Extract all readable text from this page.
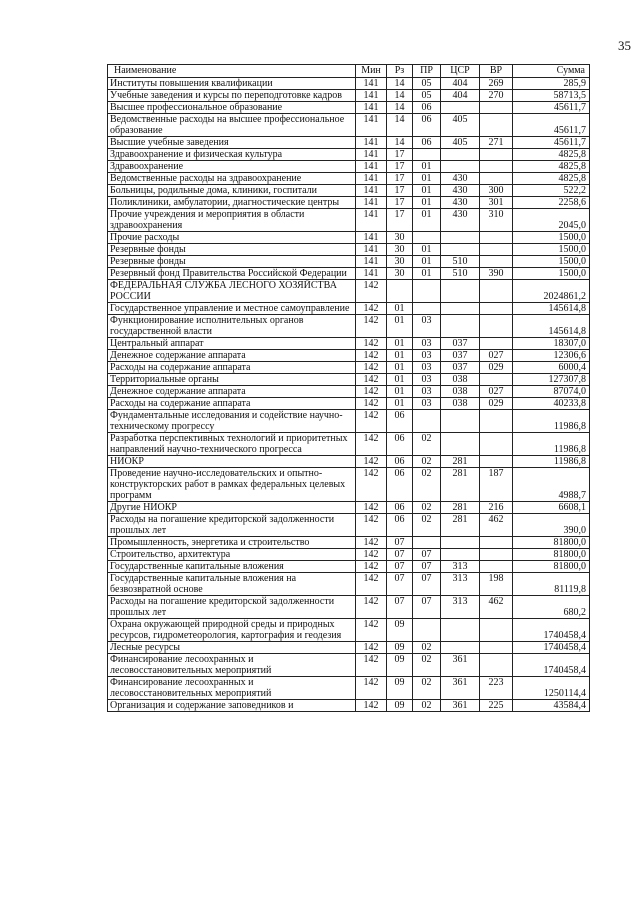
35
Наименование	Мин	Рз	ПР	ЦСР	ВР	Сумма
Институты повышения квалификации	141	14	05	404	269	285,9
Учебные заведения и курсы по переподготовке кадров	141	14	05	404	270	58713,5
Высшее профессиональное образование	141	14	06			45611,7
Ведомственные расходы на высшее профессиональное образование	141	14	06	405		45611,7
Высшие учебные заведения	141	14	06	405	271	45611,7
Здравоохранение и физическая культура	141	17				4825,8
Здравоохранение	141	17	01			4825,8
Ведомственные расходы на здравоохранение	141	17	01	430		4825,8
Больницы, родильные дома, клиники, госпитали	141	17	01	430	300	522,2
Поликлиники, амбулатории, диагностические центры	141	17	01	430	301	2258,6
Прочие учреждения и мероприятия в области здравоохранения	141	17	01	430	310	2045,0
Прочие расходы	141	30				1500,0
Резервные фонды	141	30	01			1500,0
Резервные фонды	141	30	01	510		1500,0
Резервный фонд Правительства Российской Федерации	141	30	01	510	390	1500,0
ФЕДЕРАЛЬНАЯ СЛУЖБА ЛЕСНОГО ХОЗЯЙСТВА РОССИИ	142					2024861,2
Государственное управление и местное самоуправление	142	01				145614,8
Функционирование исполнительных органов государственной власти	142	01	03			145614,8
Центральный аппарат	142	01	03	037		18307,0
Денежное содержание аппарата	142	01	03	037	027	12306,6
Расходы на содержание аппарата	142	01	03	037	029	6000,4
Территориальные органы	142	01	03	038		127307,8
Денежное содержание аппарата	142	01	03	038	027	87074,0
Расходы на содержание аппарата	142	01	03	038	029	40233,8
Фундаментальные исследования и содействие научно-техническому прогрессу	142	06				11986,8
Разработка перспективных технологий и приоритетных направлений научно-технического прогресса	142	06	02			11986,8
НИОКР	142	06	02	281		11986,8
Проведение научно-исследовательских и опытно-конструкторских работ в рамках федеральных целевых программ	142	06	02	281	187	4988,7
Другие НИОКР	142	06	02	281	216	6608,1
Расходы на погашение кредиторской задолженности прошлых лет	142	06	02	281	462	390,0
Промышленность, энергетика и строительство	142	07				81800,0
Строительство, архитектура	142	07	07			81800,0
Государственные капитальные вложения	142	07	07	313		81800,0
Государственные капитальные вложения на безвозвратной основе	142	07	07	313	198	81119,8
Расходы на погашение кредиторской задолженности прошлых лет	142	07	07	313	462	680,2
Охрана окружающей природной среды и природных ресурсов, гидрометеорология, картография и геодезия	142	09				1740458,4
Лесные ресурсы	142	09	02			1740458,4
Финансирование лесоохранных и лесовосстановительных мероприятий	142	09	02	361		1740458,4
Финансирование лесоохранных и лесовосстановительных мероприятий	142	09	02	361	223	1250114,4
Организация и содержание заповедников и	142	09	02	361	225	43584,4
